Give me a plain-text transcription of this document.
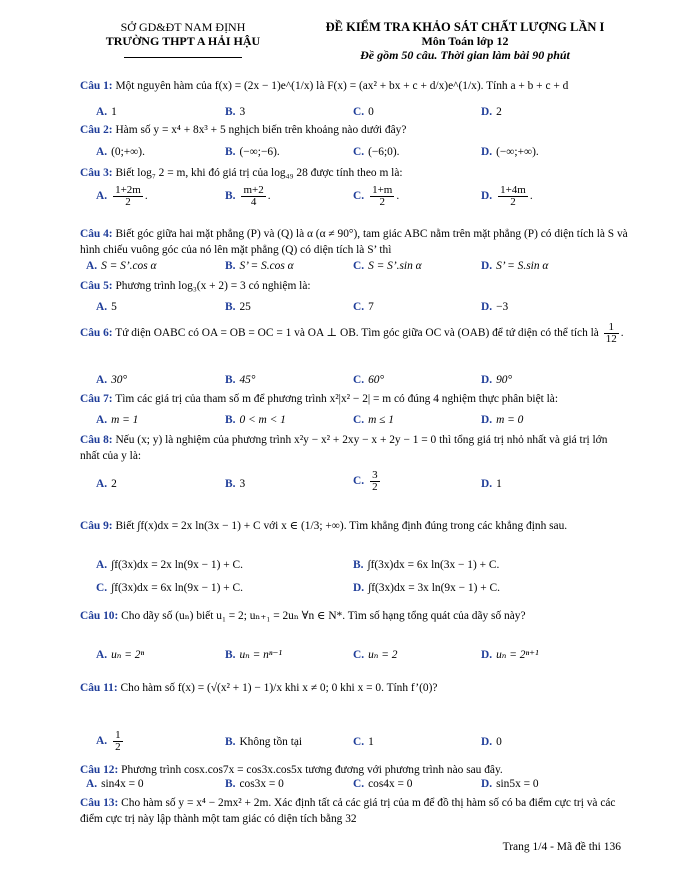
SỞ GD&ĐT NAM ĐỊNH
TRƯỜNG THPT A HẢI HẬU
ĐỀ KIỂM TRA KHẢO SÁT CHẤT LƯỢNG LẦN I
Môn Toán lớp 12
Đề gồm 50 câu. Thời gian làm bài 90 phút
Câu 1: Một nguyên hàm của f(x) = (2x − 1)e^(1/x) là F(x) = (ax² + bx + c + d/x)e^(1/x). Tính a + b + c + d
A. 1	B. 3	C. 0	D. 2
Câu 2: Hàm số y = x⁴ + 8x³ + 5 nghịch biến trên khoảng nào dưới đây?
A. (0;+∞).	B. (−∞;−6).	C. (−6;0).	D. (−∞;+∞).
Câu 3: Biết log₇ 2 = m, khi đó giá trị của log₄₉ 28 được tính theo m là:
A. $\frac{1+2m}{2}$ .	B. $\frac{m+2}{4}$ .	C. $\frac{1+m}{2}$ .	D. $\frac{1+4m}{2}$ .
Câu 4: Biết góc giữa hai mặt phẳng (P) và (Q) là α (α ≠ 90°), tam giác ABC nằm trên mặt phẳng (P) có diện tích là S và hình chiếu vuông góc của nó lên mặt phẳng (Q) có diện tích là S’ thì
A. S = S’.cos α	B. S’ = S.cos α	C. S = S’.sin α	D. S’ = S.sin α
Câu 5: Phương trình log₃(x + 2) = 3 có nghiệm là:
A. 5	B. 25	C. 7	D. −3
Câu 6: Tứ diện OABC có OA = OB = OC = 1 và OA ⊥ OB. Tìm góc giữa OC và (OAB) để tứ diện có thể tích là $\frac{1}{12}$ .
A. 30°	B. 45°	C. 60°	D. 90°
Câu 7: Tìm các giá trị của tham số m để phương trình x²|x² − 2| = m có đúng 4 nghiệm thực phân biệt là:
A. m = 1	B. 0 < m < 1	C. m ≤ 1	D. m = 0
Câu 8: Nếu (x; y) là nghiệm của phương trình x²y − x² + 2xy − x + 2y − 1 = 0 thì tổng giá trị nhỏ nhất và giá trị lớn nhất của y là:
A. 2	B. 3	C. $\frac{3}{2}$	D. 1
Câu 9: Biết ∫f(x)dx = 2x ln(3x − 1) + C với x ∈ (1/3; +∞). Tìm khẳng định đúng trong các khẳng định sau.
A. ∫f(3x)dx = 2x ln(9x − 1) + C.	B. ∫f(3x)dx = 6x ln(3x − 1) + C.
C. ∫f(3x)dx = 6x ln(9x − 1) + C.	D. ∫f(3x)dx = 3x ln(9x − 1) + C.
Câu 10: Cho dãy số (uₙ) biết u₁ = 2; uₙ₊₁ = 2uₙ ∀n ∈ N*. Tìm số hạng tổng quát của dãy số này?
A. uₙ = 2ⁿ	B. uₙ = nⁿ⁻¹	C. uₙ = 2	D. uₙ = 2ⁿ⁺¹
Câu 11: Cho hàm số f(x) = (√(x² + 1) − 1)/x khi x ≠ 0; 0 khi x = 0. Tính f’(0)?
A. $\frac{1}{2}$	B. Không tồn tại	C. 1	D. 0
Câu 12: Phương trình cosx.cos7x = cos3x.cos5x tương đương với phương trình nào sau đây.
A. sin4x = 0	B. cos3x = 0	C. cos4x = 0	D. sin5x = 0
Câu 13: Cho hàm số y = x⁴ − 2mx² + 2m. Xác định tất cả các giá trị của m để đồ thị hàm số có ba điểm cực trị và các điểm cực trị này lập thành một tam giác có diện tích bằng 32
Trang 1/4 - Mã đề thi 136
